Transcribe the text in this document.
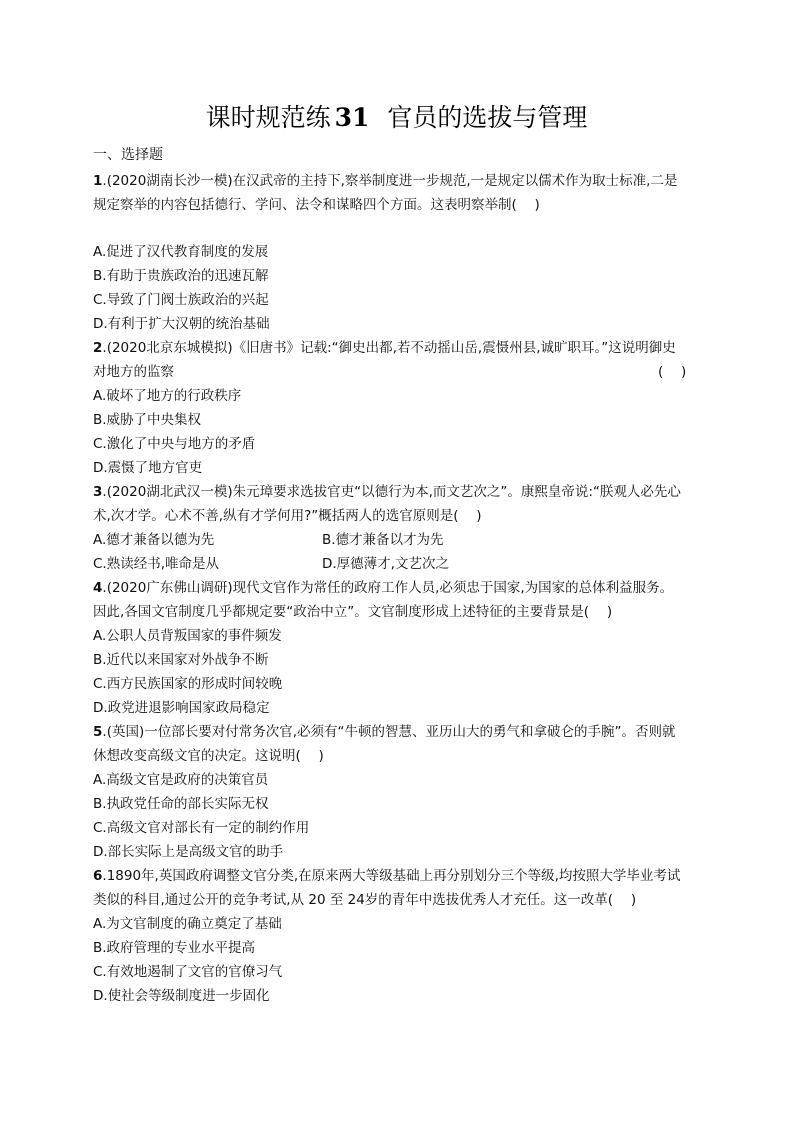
课时规范练 31 官员的选拔与管理
一、选择题
1.(2020湖南长沙一模)在汉武帝的主持下,察举制度进一步规范,一是规定以儒术作为取士标准,二是
规定察举的内容包括德行、学问、法令和谋略四个方面。这表明察举制(　 )
A.促进了汉代教育制度的发展
B.有助于贵族政治的迅速瓦解
C.导致了门阀士族政治的兴起
D.有利于扩大汉朝的统治基础
2.(2020北京东城模拟)《旧唐书》记载:“御史出都,若不动摇山岳,震慑州县,诚旷职耳。”这说明御史
对地方的监察	(　 )
A.破坏了地方的行政秩序
B.威胁了中央集权
C.激化了中央与地方的矛盾
D.震慑了地方官吏
3.(2020湖北武汉一模)朱元璋要求选拔官吏“以德行为本,而文艺次之”。康熙皇帝说:“朕观人必先心
术,次才学。心术不善,纵有才学何用?”概括两人的选官原则是(　 )
A.德才兼备以德为先	B.德才兼备以才为先
C.熟读经书,唯命是从	D.厚德薄才,文艺次之
4.(2020广东佛山调研)现代文官作为常任的政府工作人员,必须忠于国家,为国家的总体利益服务。
因此,各国文官制度几乎都规定要“政治中立”。文官制度形成上述特征的主要背景是(　 )
A.公职人员背叛国家的事件频发
B.近代以来国家对外战争不断
C.西方民族国家的形成时间较晚
D.政党进退影响国家政局稳定
5.(英国)一位部长要对付常务次官,必须有“牛顿的智慧、亚历山大的勇气和拿破仑的手腕”。否则就
休想改变高级文官的决定。这说明(　 )
A.高级文官是政府的决策官员
B.执政党任命的部长实际无权
C.高级文官对部长有一定的制约作用
D.部长实际上是高级文官的助手
6.1890年,英国政府调整文官分类,在原来两大等级基础上再分别划分三个等级,均按照大学毕业考试
类似的科目,通过公开的竞争考试,从 20 至 24岁的青年中选拔优秀人才充任。这一改革(　 )
A.为文官制度的确立奠定了基础
B.政府管理的专业水平提高
C.有效地遏制了文官的官僚习气
D.使社会等级制度进一步固化
